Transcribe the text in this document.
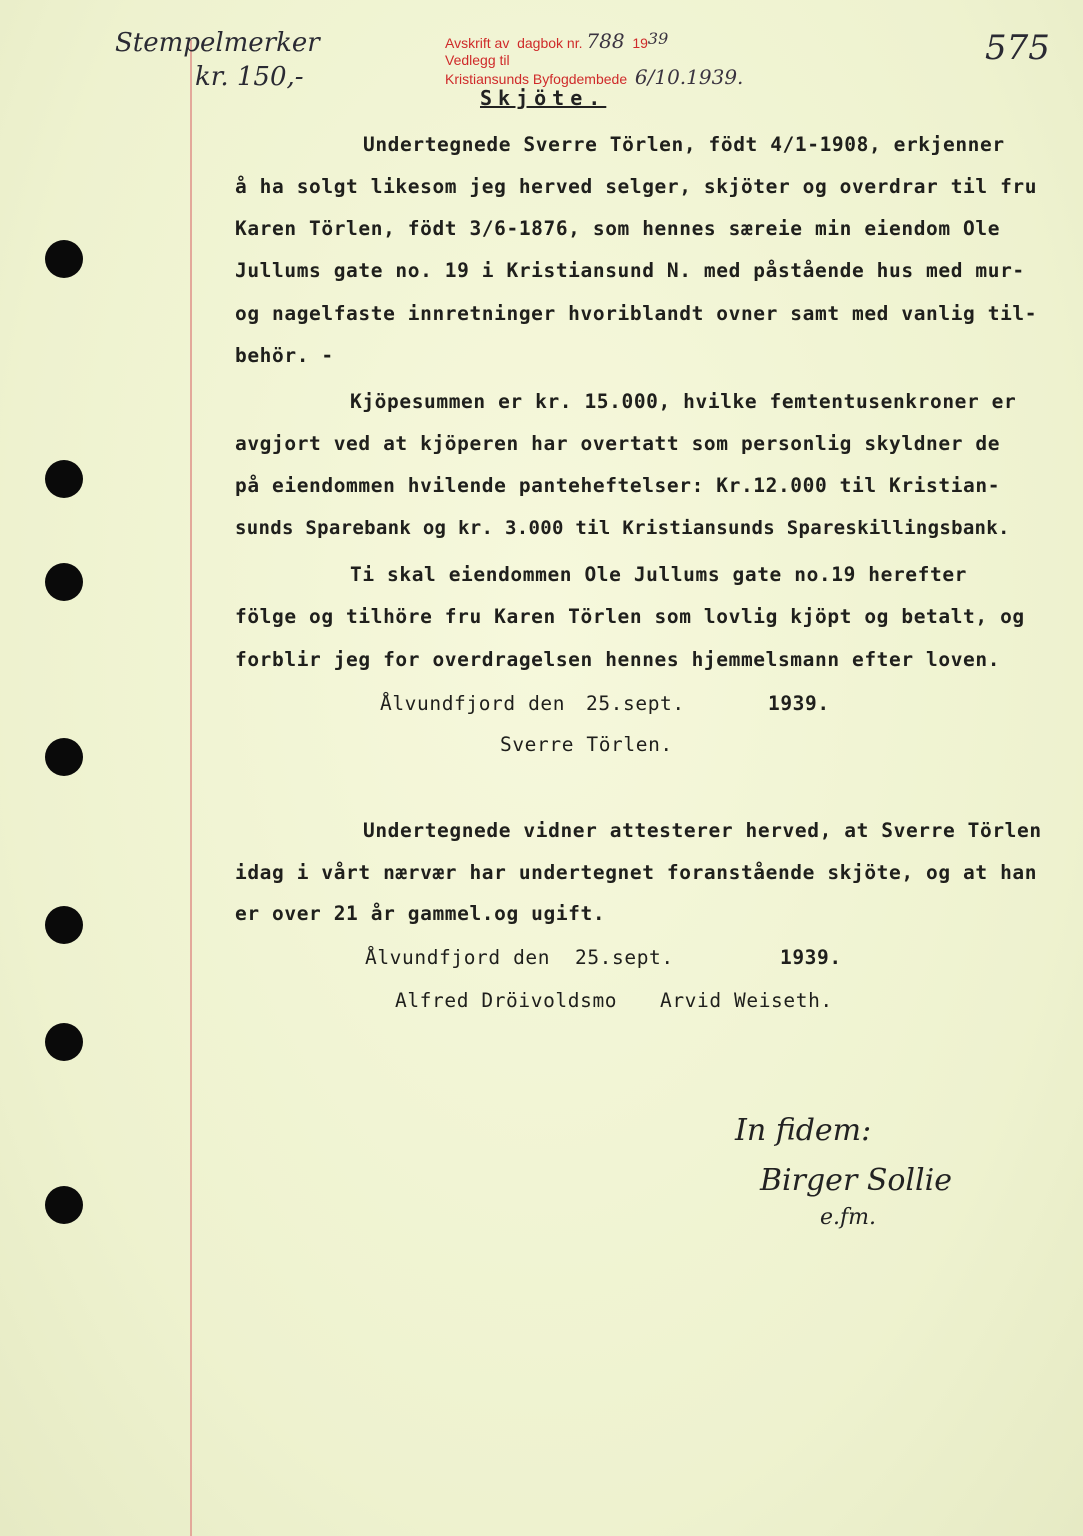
Stempelmerker
kr. 150,-
575
Avskrift av dagbok nr. 788 1939
Vedlegg til
Kristiansunds Byfogdembede 6/10.1939.
Skjöte.
Undertegnede Sverre Törlen, födt 4/1-1908, erkjenner
å ha solgt likesom jeg herved selger, skjöter og overdrar til fru
Karen Törlen, födt 3/6-1876, som hennes særeie min eiendom Ole
Jullums gate no. 19 i Kristiansund N. med påstående hus med mur-
og nagelfaste innretninger hvoriblandt ovner samt med vanlig til-
behör. -
Kjöpesummen er kr. 15.000, hvilke femtentusenkroner er
avgjort ved at kjöperen har overtatt som personlig skyldner de
på eiendommen hvilende panteheftelser: Kr.12.000 til Kristian-
sunds Sparebank og kr. 3.000 til Kristiansunds Spareskillingsbank.
Ti skal eiendommen Ole Jullums gate no.19 herefter
fölge og tilhöre fru Karen Törlen som lovlig kjöpt og betalt, og
forblir jeg for overdragelsen hennes hjemmelsmann efter loven.
Ålvundfjord den 25.sept.	1939.
Sverre Törlen.
Undertegnede vidner attesterer herved, at Sverre Törlen
idag i vårt nærvær har undertegnet foranstående skjöte, og at han
er over 21 år gammel.og ugift.
Ålvundfjord den 25.sept.	1939.
Alfred Dröivoldsmo Arvid Weiseth.
In fidem:
Birger Sollie
e.fm.
